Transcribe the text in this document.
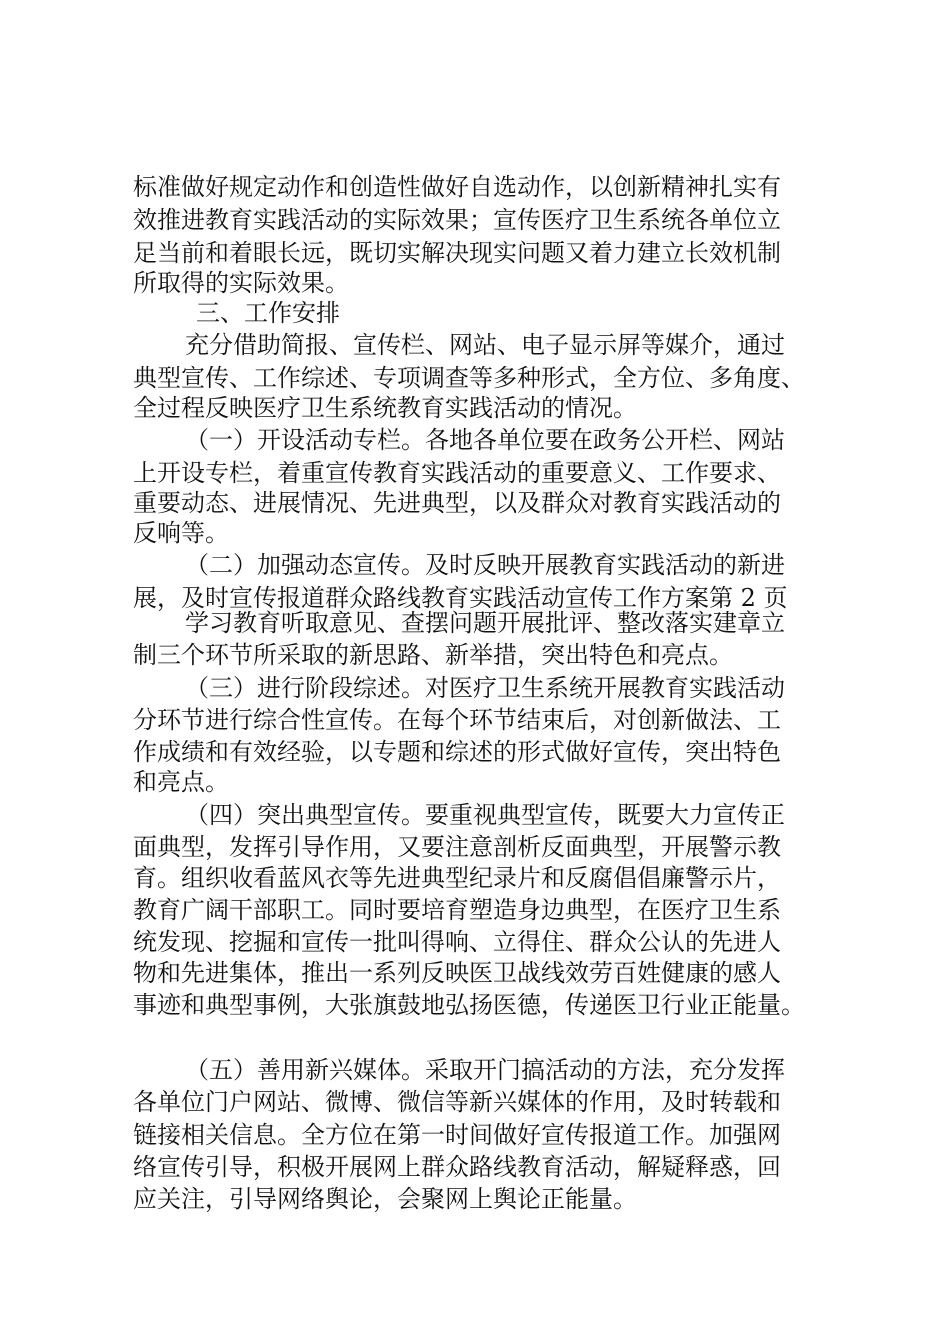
标准做好规定动作和创造性做好自选动作，以创新精神扎实有

效推进教育实践活动的实际效果；宣传医疗卫生系统各单位立

足当前和着眼长远，既切实解决现实问题又着力建立长效机制

所取得的实际效果。

三、工作安排

充分借助简报、宣传栏、网站、电子显示屏等媒介，通过

典型宣传、工作综述、专项调查等多种形式，全方位、多角度、

全过程反映医疗卫生系统教育实践活动的情况。

（一）开设活动专栏。各地各单位要在政务公开栏、网站

上开设专栏，着重宣传教育实践活动的重要意义、工作要求、

重要动态、进展情况、先进典型，以及群众对教育实践活动的

反响等。

（二）加强动态宣传。及时反映开展教育实践活动的新进

展，及时宣传报道群众路线教育实践活动宣传工作方案第 2 页

学习教育听取意见、查摆问题开展批评、整改落实建章立

制三个环节所采取的新思路、新举措，突出特色和亮点。

（三）进行阶段综述。对医疗卫生系统开展教育实践活动

分环节进行综合性宣传。在每个环节结束后，对创新做法、工

作成绩和有效经验，以专题和综述的形式做好宣传，突出特色

和亮点。

（四）突出典型宣传。要重视典型宣传，既要大力宣传正

面典型，发挥引导作用，又要注意剖析反面典型，开展警示教

育。组织收看蓝风衣等先进典型纪录片和反腐倡倡廉警示片，

教育广阔干部职工。同时要培育塑造身边典型，在医疗卫生系

统发现、挖掘和宣传一批叫得响、立得住、群众公认的先进人

物和先进集体，推出一系列反映医卫战线效劳百姓健康的感人

事迹和典型事例，大张旗鼓地弘扬医德，传递医卫行业正能量。

（五）善用新兴媒体。采取开门搞活动的方法，充分发挥

各单位门户网站、微博、微信等新兴媒体的作用，及时转载和

链接相关信息。全方位在第一时间做好宣传报道工作。加强网

络宣传引导，积极开展网上群众路线教育活动，解疑释惑，回

应关注，引导网络舆论，会聚网上舆论正能量。
